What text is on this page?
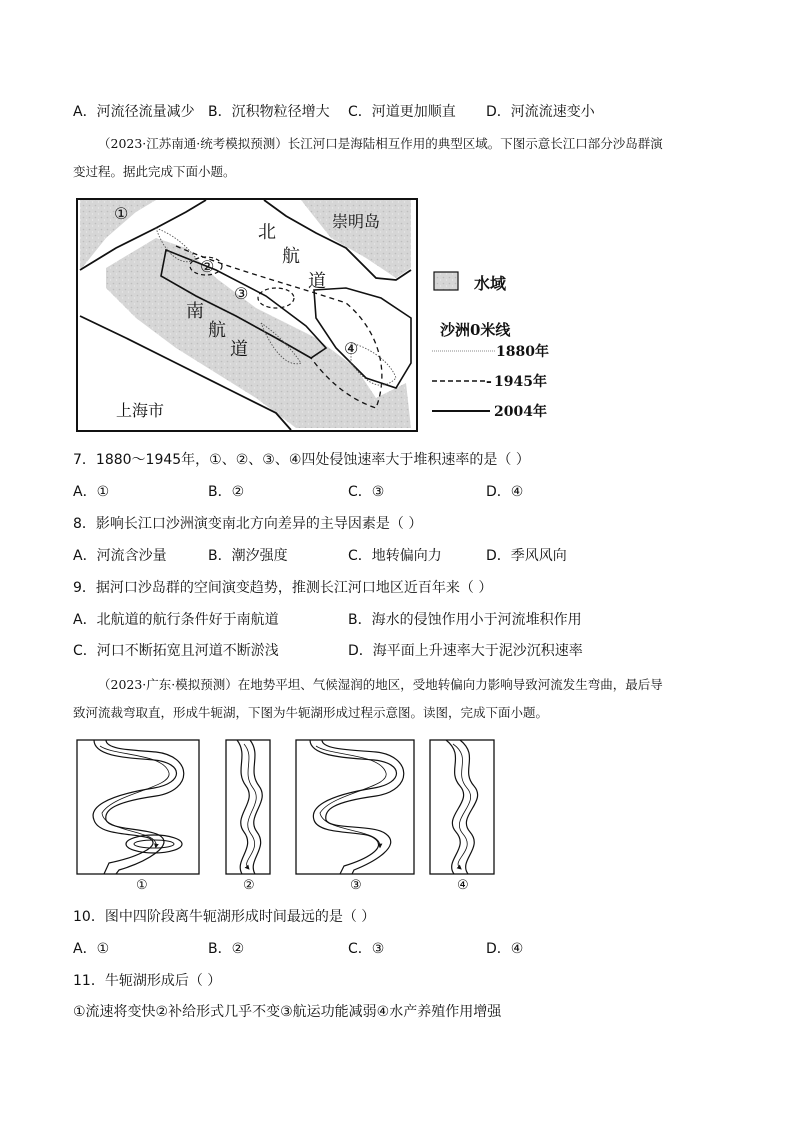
A．河流径流量减少 B．沉积物粒径增大 C．河道更加顺直 D．河流流速变小
（2023·江苏南通·统考模拟预测）长江河口是海陆相互作用的典型区域。下图示意长江口部分沙岛群演
变过程。据此完成下面小题。
①
②
③
④
崇明岛
北
航
道
南
航
道
上海市
水域
沙洲0米线
1880年
- 1945年
2004年
7．1880～1945年，①、②、③、④四处侵蚀速率大于堆积速率的是（ ）
A．①	B．②	C．③	D．④
8．影响长江口沙洲演变南北方向差异的主导因素是（ ）
A．河流含沙量	B．潮汐强度	C．地转偏向力	D．季风风向
9．据河口沙岛群的空间演变趋势，推测长江河口地区近百年来（ ）
A．北航道的航行条件好于南航道	B．海水的侵蚀作用小于河流堆积作用
C．河口不断拓宽且河道不断淤浅	D．海平面上升速率大于泥沙沉积速率
（2023·广东·模拟预测）在地势平坦、气候湿润的地区，受地转偏向力影响导致河流发生弯曲，最后导
致河流裁弯取直，形成牛轭湖，下图为牛轭湖形成过程示意图。读图，完成下面小题。
①	②	③	④
10．图中四阶段离牛轭湖形成时间最远的是（ ）
A．①	B．②	C．③	D．④
11．牛轭湖形成后（ ）
①流速将变快②补给形式几乎不变③航运功能减弱④水产养殖作用增强
